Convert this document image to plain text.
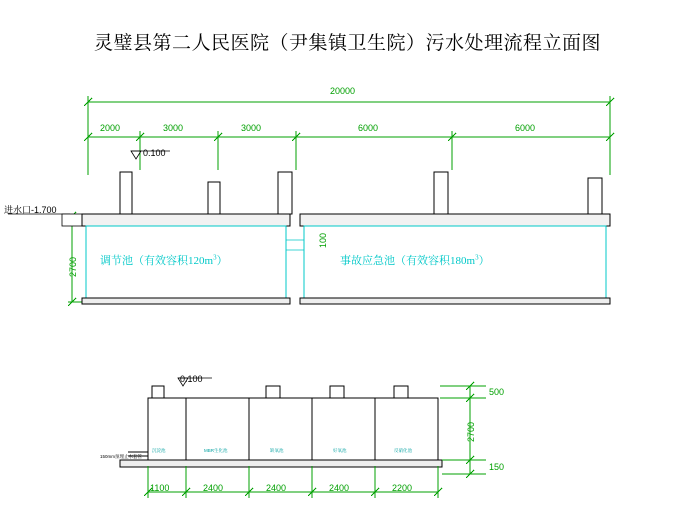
灵璧县第二人民医院（尹集镇卫生院）污水处理流程立面图
20000
2000	3000	3000	6000	6000
0.100
进水口-1.700
2700
100
调节池（有效容积$120m^3$）	事故应急池（有效容积$180m^3$）
0.100
150mm预埋止水套管
沉淀池	MBR生化池	缺氧池	好氧池	反硝化池
1100	2400	2400	2400	2200
500
2700
150
